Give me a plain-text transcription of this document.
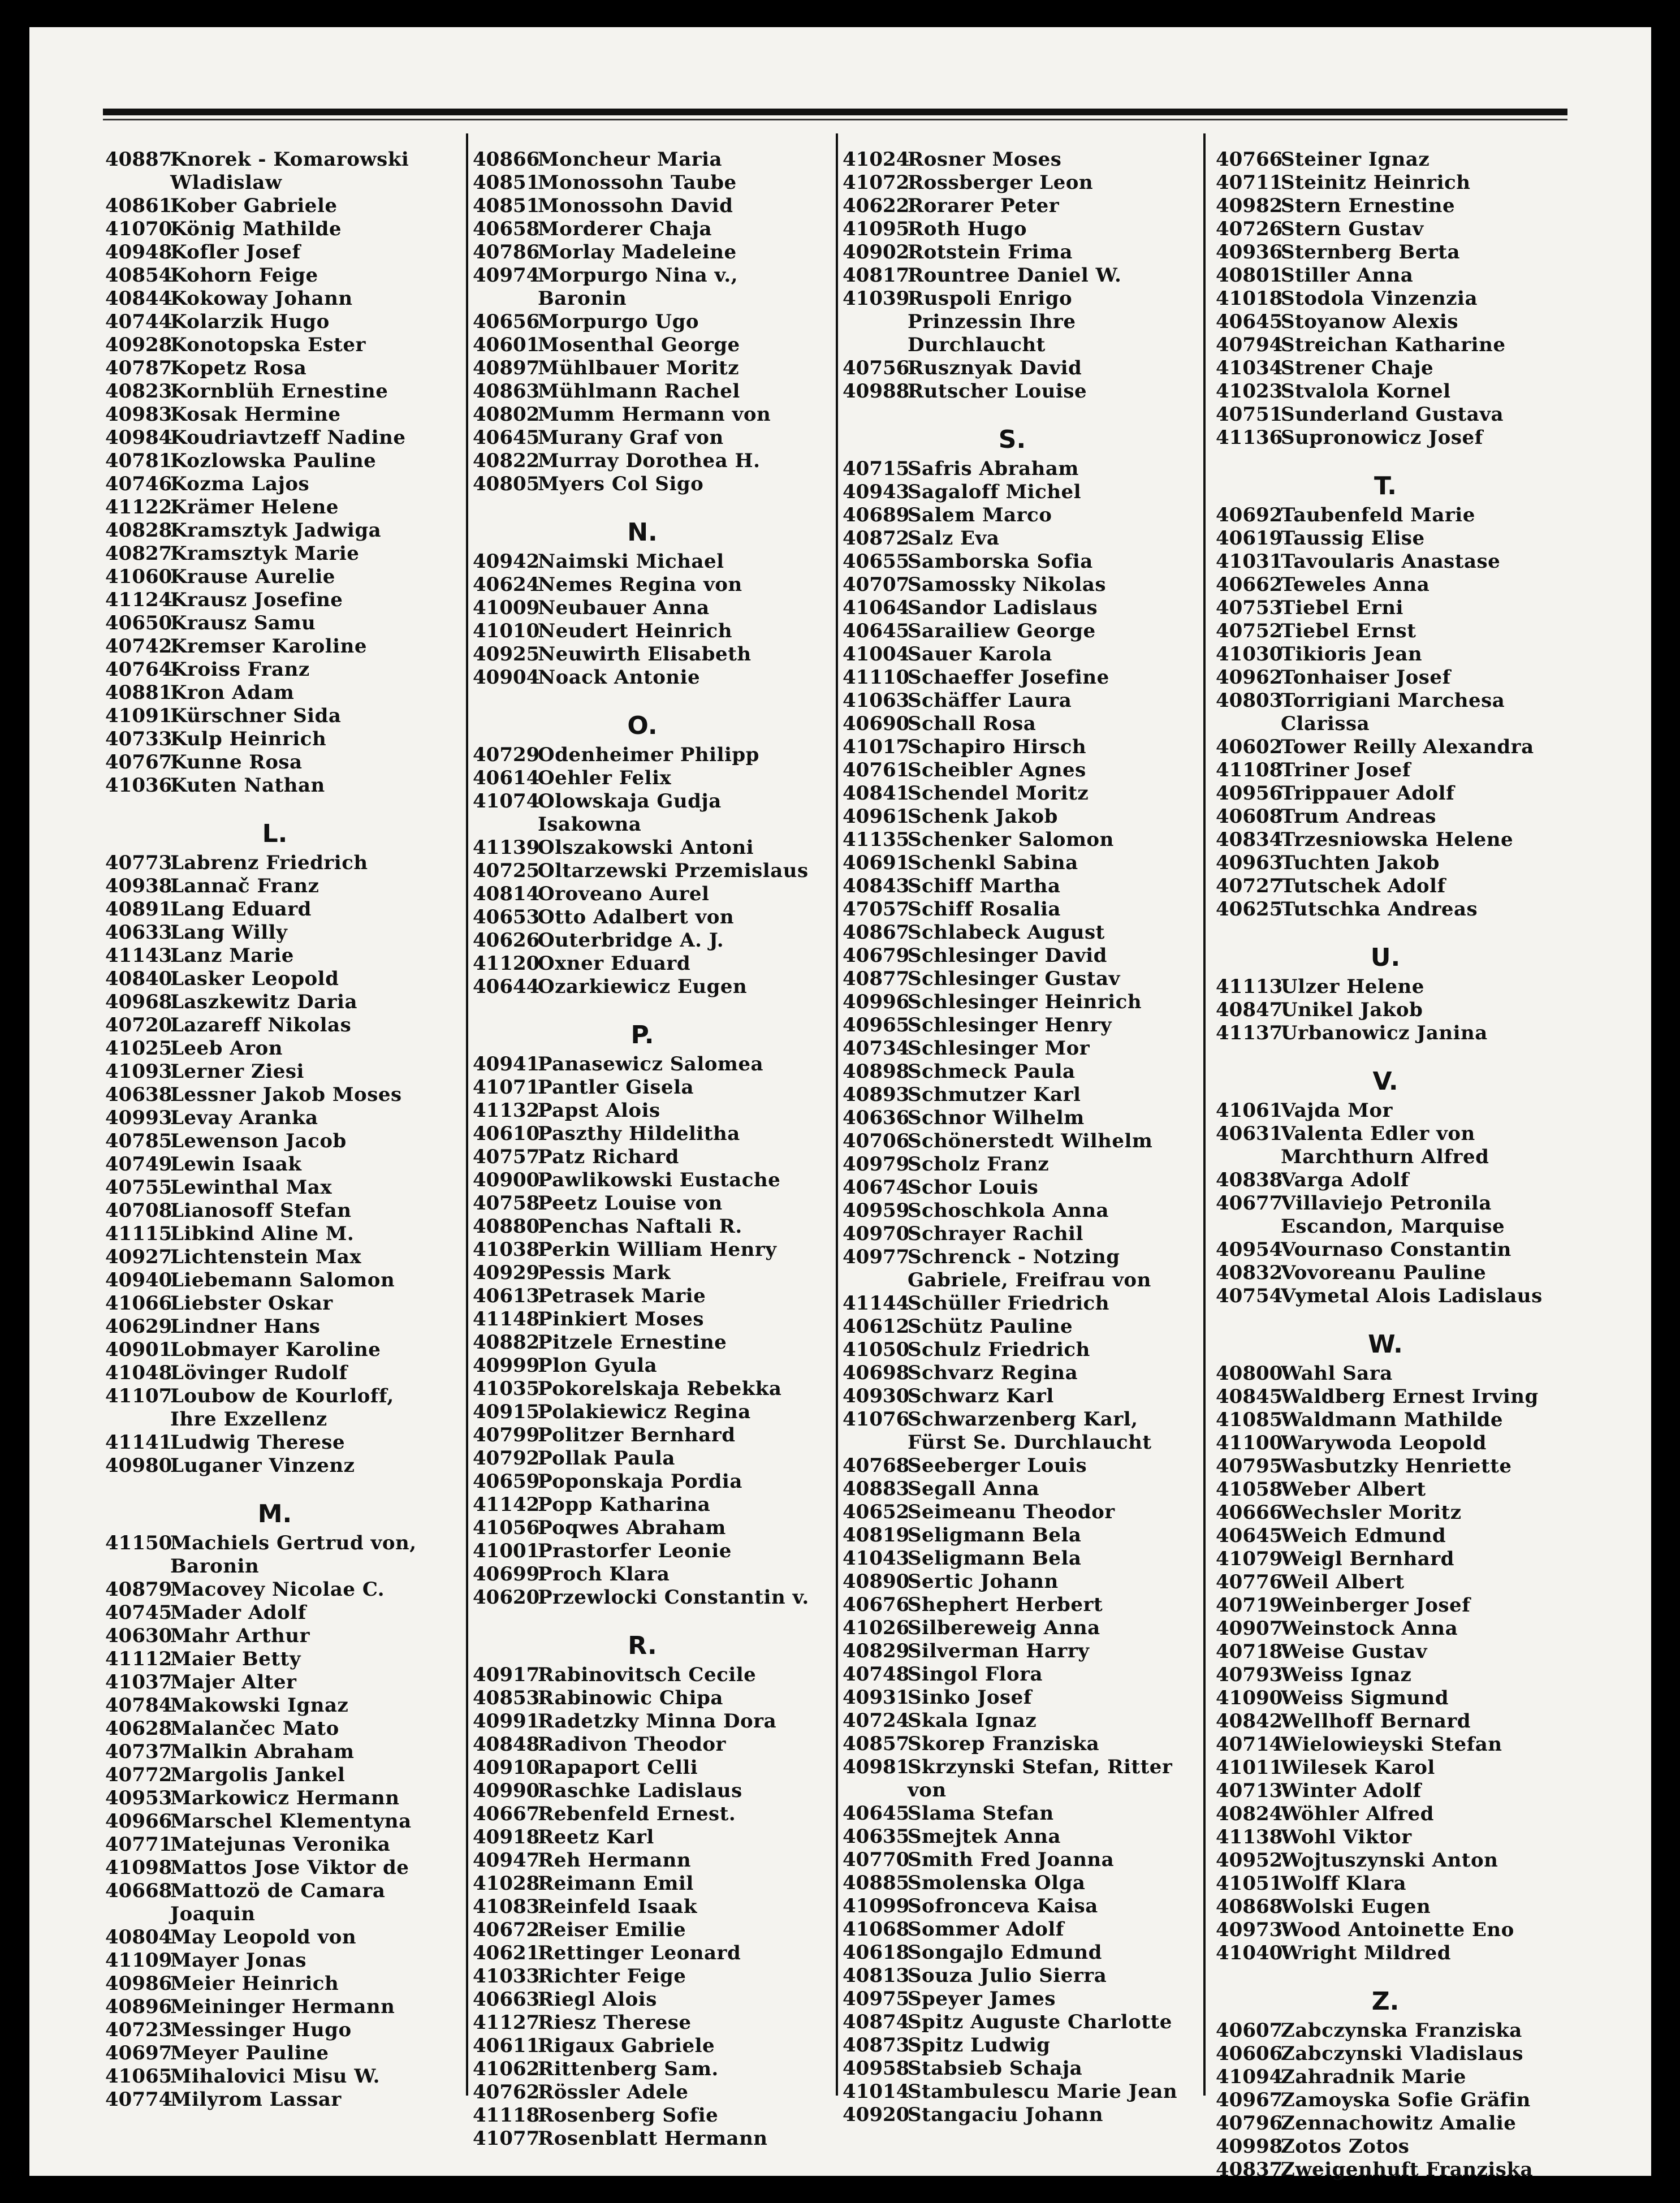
40887
Knorek - Komarowski Wladislaw
40861
Kober Gabriele
41070
König Mathilde
40948
Kofler Josef
40854
Kohorn Feige
40844
Kokoway Johann
40744
Kolarzik Hugo
40928
Konotopska Ester
40787
Kopetz Rosa
40823
Kornblüh Ernestine
40983
Kosak Hermine
40984
Koudriavtzeff Nadine
40781
Kozlowska Pauline
40746
Kozma Lajos
41122
Krämer Helene
40828
Kramsztyk Jadwiga
40827
Kramsztyk Marie
41060
Krause Aurelie
41124
Krausz Josefine
40650
Krausz Samu
40742
Kremser Karoline
40764
Kroiss Franz
40881
Kron Adam
41091
Kürschner Sida
40733
Kulp Heinrich
40767
Kunne Rosa
41036
Kuten Nathan
L.
40773
Labrenz Friedrich
40938
Lannač Franz
40891
Lang Eduard
40633
Lang Willy
41143
Lanz Marie
40840
Lasker Leopold
40968
Laszkewitz Daria
40720
Lazareff Nikolas
41025
Leeb Aron
41093
Lerner Ziesi
40638
Lessner Jakob Moses
40993
Levay Aranka
40785
Lewenson Jacob
40749
Lewin Isaak
40755
Lewinthal Max
40708
Lianosoff Stefan
41115
Libkind Aline M.
40927
Lichtenstein Max
40940
Liebemann Salomon
41066
Liebster Oskar
40629
Lindner Hans
40901
Lobmayer Karoline
41048
Lövinger Rudolf
41107
Loubow de Kourloff, Ihre Exzellenz
41141
Ludwig Therese
40980
Luganer Vinzenz
M.
41150
Machiels Gertrud von, Baronin
40879
Macovey Nicolae C.
40745
Mader Adolf
40630
Mahr Arthur
41112
Maier Betty
41037
Majer Alter
40784
Makowski Ignaz
40628
Malančec Mato
40737
Malkin Abraham
40772
Margolis Jankel
40953
Markowicz Hermann
40966
Marschel Klementyna
40771
Matejunas Veronika
41098
Mattos Jose Viktor de
40668
Mattozö de Camara Joaquin
40804
May Leopold von
41109
Mayer Jonas
40986
Meier Heinrich
40896
Meininger Hermann
40723
Messinger Hugo
40697
Meyer Pauline
41065
Mihalovici Misu W.
40774
Milyrom Lassar
40866
Moncheur Maria
40851
Monossohn Taube
40851
Monossohn David
40658
Morderer Chaja
40786
Morlay Madeleine
40974
Morpurgo Nina v., Baronin
40656
Morpurgo Ugo
40601
Mosenthal George
40897
Mühlbauer Moritz
40863
Mühlmann Rachel
40802
Mumm Hermann von
40645
Murany Graf von
40822
Murray Dorothea H.
40805
Myers Col Sigo
N.
40942
Naimski Michael
40624
Nemes Regina von
41009
Neubauer Anna
41010
Neudert Heinrich
40925
Neuwirth Elisabeth
40904
Noack Antonie
O.
40729
Odenheimer Philipp
40614
Oehler Felix
41074
Olowskaja Gudja Isakowna
41139
Olszakowski Antoni
40725
Oltarzewski Przemislaus
40814
Oroveano Aurel
40653
Otto Adalbert von
40626
Outerbridge A. J.
41120
Oxner Eduard
40644
Ozarkiewicz Eugen
P.
40941
Panasewicz Salomea
41071
Pantler Gisela
41132
Papst Alois
40610
Paszthy Hildelitha
40757
Patz Richard
40900
Pawlikowski Eustache
40758
Peetz Louise von
40880
Penchas Naftali R.
41038
Perkin William Henry
40929
Pessis Mark
40613
Petrasek Marie
41148
Pinkiert Moses
40882
Pitzele Ernestine
40999
Plon Gyula
41035
Pokorelskaja Rebekka
40915
Polakiewicz Regina
40799
Politzer Bernhard
40792
Pollak Paula
40659
Poponskaja Pordia
41142
Popp Katharina
41056
Poqwes Abraham
41001
Prastorfer Leonie
40699
Proch Klara
40620
Przewlocki Constantin v.
R.
40917
Rabinovitsch Cecile
40853
Rabinowic Chipa
40991
Radetzky Minna Dora
40848
Radivon Theodor
40910
Rapaport Celli
40990
Raschke Ladislaus
40667
Rebenfeld Ernest.
40918
Reetz Karl
40947
Reh Hermann
41028
Reimann Emil
41083
Reinfeld Isaak
40672
Reiser Emilie
40621
Rettinger Leonard
41033
Richter Feige
40663
Riegl Alois
41127
Riesz Therese
40611
Rigaux Gabriele
41062
Rittenberg Sam.
40762
Rössler Adele
41118
Rosenberg Sofie
41077
Rosenblatt Hermann
41024
Rosner Moses
41072
Rossberger Leon
40622
Rorarer Peter
41095
Roth Hugo
40902
Rotstein Frima
40817
Rountree Daniel W.
41039
Ruspoli Enrigo Prinzessin Ihre Durchlaucht
40756
Rusznyak David
40988
Rutscher Louise
S.
40715
Safris Abraham
40943
Sagaloff Michel
40689
Salem Marco
40872
Salz Eva
40655
Samborska Sofia
40707
Samossky Nikolas
41064
Sandor Ladislaus
40645
Sarailiew George
41004
Sauer Karola
41110
Schaeffer Josefine
41063
Schäffer Laura
40690
Schall Rosa
41017
Schapiro Hirsch
40761
Scheibler Agnes
40841
Schendel Moritz
40961
Schenk Jakob
41135
Schenker Salomon
40691
Schenkl Sabina
40843
Schiff Martha
47057
Schiff Rosalia
40867
Schlabeck August
40679
Schlesinger David
40877
Schlesinger Gustav
40996
Schlesinger Heinrich
40965
Schlesinger Henry
40734
Schlesinger Mor
40898
Schmeck Paula
40893
Schmutzer Karl
40636
Schnor Wilhelm
40706
Schönerstedt Wilhelm
40979
Scholz Franz
40674
Schor Louis
40959
Schoschkola Anna
40970
Schrayer Rachil
40977
Schrenck - Notzing Gabriele, Freifrau von
41144
Schüller Friedrich
40612
Schütz Pauline
41050
Schulz Friedrich
40698
Schvarz Regina
40930
Schwarz Karl
41076
Schwarzenberg Karl, Fürst Se. Durchlaucht
40768
Seeberger Louis
40883
Segall Anna
40652
Seimeanu Theodor
40819
Seligmann Bela
41043
Seligmann Bela
40890
Sertic Johann
40676
Shephert Herbert
41026
Silbereweig Anna
40829
Silverman Harry
40748
Singol Flora
40931
Sinko Josef
40724
Skala Ignaz
40857
Skorep Franziska
40981
Skrzynski Stefan, Ritter von
40645
Slama Stefan
40635
Smejtek Anna
40770
Smith Fred Joanna
40885
Smolenska Olga
41099
Sofronceva Kaisa
41068
Sommer Adolf
40618
Songajlo Edmund
40813
Souza Julio Sierra
40975
Speyer James
40874
Spitz Auguste Charlotte
40873
Spitz Ludwig
40958
Stabsieb Schaja
41014
Stambulescu Marie Jean
40920
Stangaciu Johann
40766
Steiner Ignaz
40711
Steinitz Heinrich
40982
Stern Ernestine
40726
Stern Gustav
40936
Sternberg Berta
40801
Stiller Anna
41018
Stodola Vinzenzia
40645
Stoyanow Alexis
40794
Streichan Katharine
41034
Strener Chaje
41023
Stvalola Kornel
40751
Sunderland Gustava
41136
Supronowicz Josef
T.
40692
Taubenfeld Marie
40619
Taussig Elise
41031
Tavoularis Anastase
40662
Teweles Anna
40753
Tiebel Erni
40752
Tiebel Ernst
41030
Tikioris Jean
40962
Tonhaiser Josef
40803
Torrigiani Marchesa Clarissa
40602
Tower Reilly Alexandra
41108
Triner Josef
40956
Trippauer Adolf
40608
Trum Andreas
40834
Trzesniowska Helene
40963
Tuchten Jakob
40727
Tutschek Adolf
40625
Tutschka Andreas
U.
41113
Ulzer Helene
40847
Unikel Jakob
41137
Urbanowicz Janina
V.
41061
Vajda Mor
40631
Valenta Edler von Marchthurn Alfred
40838
Varga Adolf
40677
Villaviejo Petronila Escandon, Marquise
40954
Vournaso Constantin
40832
Vovoreanu Pauline
40754
Vymetal Alois Ladislaus
W.
40800
Wahl Sara
40845
Waldberg Ernest Irving
41085
Waldmann Mathilde
41100
Warywoda Leopold
40795
Wasbutzky Henriette
41058
Weber Albert
40666
Wechsler Moritz
40645
Weich Edmund
41079
Weigl Bernhard
40776
Weil Albert
40719
Weinberger Josef
40907
Weinstock Anna
40718
Weise Gustav
40793
Weiss Ignaz
41090
Weiss Sigmund
40842
Wellhoff Bernard
40714
Wielowieyski Stefan
41011
Wilesek Karol
40713
Winter Adolf
40824
Wöhler Alfred
41138
Wohl Viktor
40952
Wojtuszynski Anton
41051
Wolff Klara
40868
Wolski Eugen
40973
Wood Antoinette Eno
41040
Wright Mildred
Z.
40607
Zabczynska Franziska
40606
Zabczynski Vladislaus
41094
Zahradnik Marie
40967
Zamoyska Sofie Gräfin
40796
Zennachowitz Amalie
40998
Zotos Zotos
40837
Zweigenhuft Franziska
